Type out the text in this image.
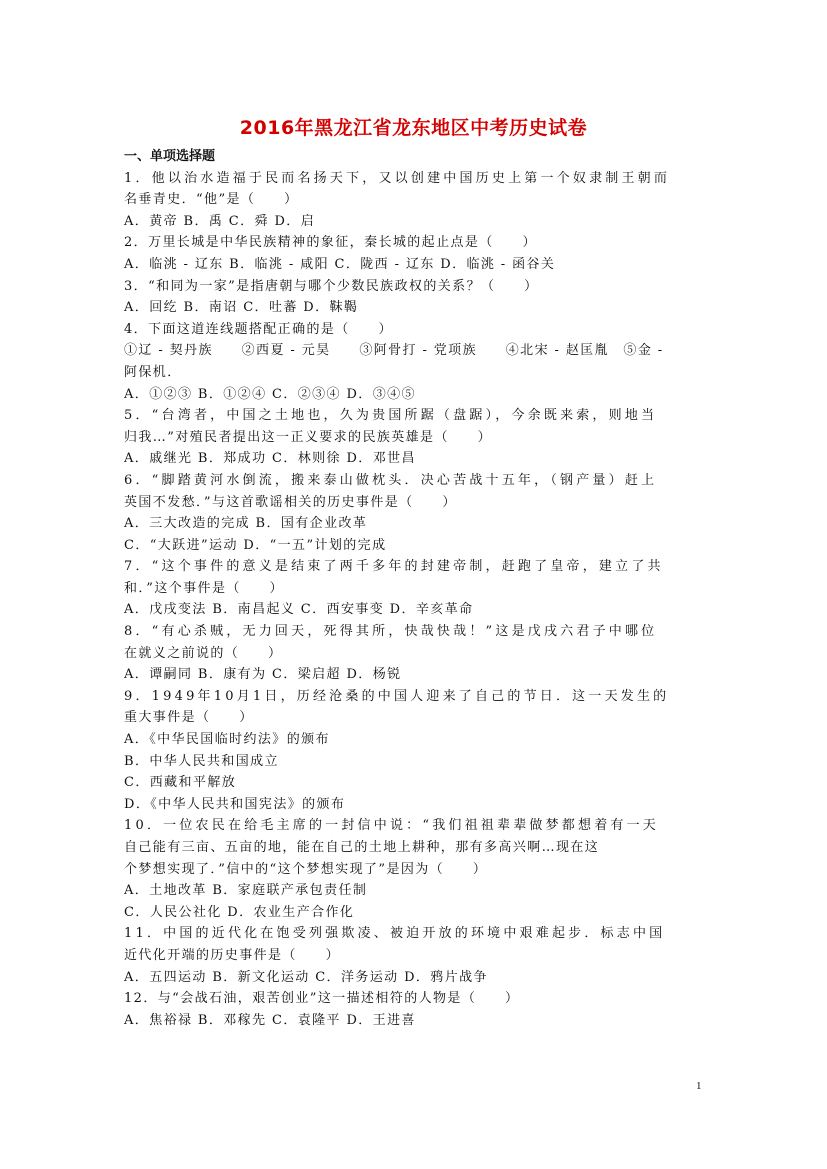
2016年黑龙江省龙东地区中考历史试卷
一、单项选择题
1．他以治水造福于民而名扬天下，又以创建中国历史上第一个奴隶制王朝而
名垂青史．“他”是（　　）
A．黄帝 B．禹 C．舜 D．启
2．万里长城是中华民族精神的象征，秦长城的起止点是（　　）
A．临洮 - 辽东 B．临洮 - 咸阳 C．陇西 - 辽东 D．临洮 - 函谷关
3．“和同为一家”是指唐朝与哪个少数民族政权的关系？（　　）
A．回纥 B．南诏 C．吐蕃 D．靺鞨
4．下面这道连线题搭配正确的是（　　）
①辽 - 契丹族　　②西夏 - 元昊　　③阿骨打 - 党项族　　④北宋 - 赵匡胤　⑤金 -
阿保机．
A．①②③ B．①②④ C．②③④ D．③④⑤
5．“台湾者，中国之土地也，久为贵国所踞（盘踞），今余既来索，则地当
归我…”对殖民者提出这一正义要求的民族英雄是（　　）
A．戚继光 B．郑成功 C．林则徐 D．邓世昌
6．“脚踏黄河水倒流，搬来泰山做枕头．决心苦战十五年，（钢产量）赶上
英国不发愁．”与这首歌谣相关的历史事件是（　　）
A．三大改造的完成 B．国有企业改革
C．“大跃进”运动 D．“一五”计划的完成
7．“这个事件的意义是结束了两千多年的封建帝制，赶跑了皇帝，建立了共
和．”这个事件是（　　）
A．戊戌变法 B．南昌起义 C．西安事变 D．辛亥革命
8．“有心杀贼，无力回天，死得其所，快哉快哉！”这是戊戌六君子中哪位
在就义之前说的（　　）
A．谭嗣同 B．康有为 C．梁启超 D．杨锐
9．1949年10月1日，历经沧桑的中国人迎来了自己的节日．这一天发生的
重大事件是（　　）
A．《中华民国临时约法》的颁布
B．中华人民共和国成立
C．西藏和平解放
D．《中华人民共和国宪法》的颁布
10．一位农民在给毛主席的一封信中说：“我们祖祖辈辈做梦都想着有一天
自己能有三亩、五亩的地，能在自己的土地上耕种，那有多高兴啊…现在这
个梦想实现了．”信中的“这个梦想实现了”是因为（　　）
A．土地改革 B．家庭联产承包责任制
C．人民公社化 D．农业生产合作化
11．中国的近代化在饱受列强欺凌、被迫开放的环境中艰难起步．标志中国
近代化开端的历史事件是（　　）
A．五四运动 B．新文化运动 C．洋务运动 D．鸦片战争
12．与“会战石油，艰苦创业”这一描述相符的人物是（　　）
A．焦裕禄 B．邓稼先 C．袁隆平 D．王进喜
1
